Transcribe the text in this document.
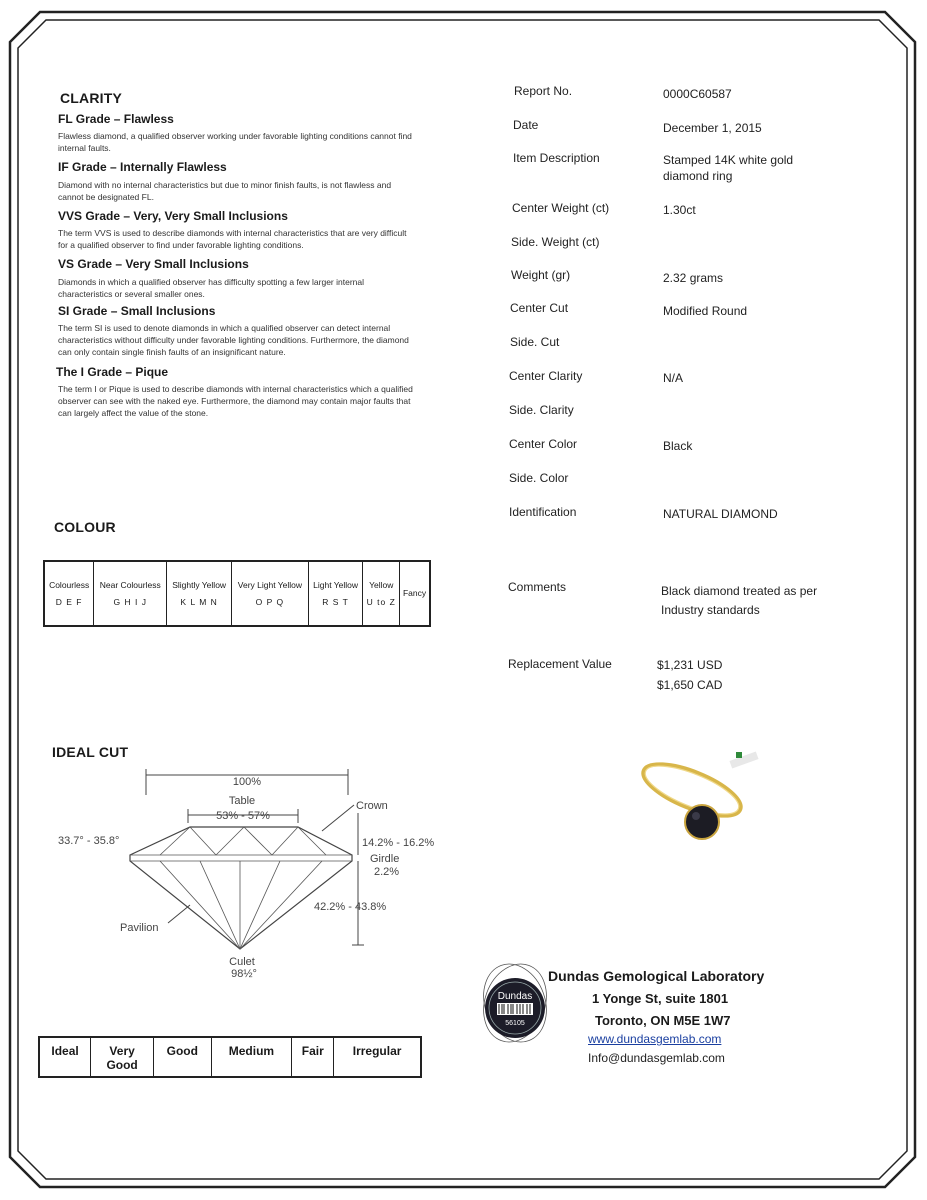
CLARITY
FL Grade – Flawless
Flawless diamond, a qualified observer working under favorable lighting conditions cannot find internal faults.
IF Grade – Internally Flawless
Diamond with no internal characteristics but due to minor finish faults, is not flawless and cannot be designated FL.
VVS Grade – Very, Very Small Inclusions
The term VVS is used to describe diamonds with internal characteristics that are very difficult for a qualified observer to find under favorable lighting conditions.
VS Grade – Very Small Inclusions
Diamonds in which a qualified observer has difficulty spotting a few larger internal characteristics or several smaller ones.
SI Grade – Small Inclusions
The term SI is used to denote diamonds in which a qualified observer can detect internal characteristics without difficulty under favorable lighting conditions. Furthermore, the diamond can only contain single finish faults of an insignificant nature.
The I Grade – Pique
The term I or Pique is used to describe diamonds with internal characteristics which a qualified observer can see with the naked eye. Furthermore, the diamond may contain major faults that can largely affect the value of the stone.
COLOUR
Colourless
D E F

Near Colourless
G H I J

Slightly Yellow
K L M N

Very Light Yellow
O P Q

Light Yellow
R S T

Yellow
U to Z

Fancy
IDEAL CUT
100%
Table
53% - 57%
Crown
33.7° - 35.8°	14.2% - 16.2%
Girdle
2.2%
42.2% - 43.8%
Pavilion
Culet
98½°
Ideal	Very Good	Good	Medium	Fair	Irregular
Report No.	0000C60587
Date	December 1, 2015
Item Description	Stamped 14K white gold diamond ring
Center Weight (ct)	1.30ct
Side. Weight (ct)
Weight (gr)	2.32 grams
Center Cut	Modified Round
Side. Cut
Center Clarity	N/A
Side. Clarity
Center Color	Black
Side. Color
Identification	NATURAL DIAMOND
Comments	Black diamond treated as per Industry standards
Replacement Value	$1,231 USD
$1,650 CAD
Dundas
56105
Dundas Gemological Laboratory
1 Yonge St, suite 1801
Toronto, ON M5E 1W7
www.dundasgemlab.com
Info@dundasgemlab.com
